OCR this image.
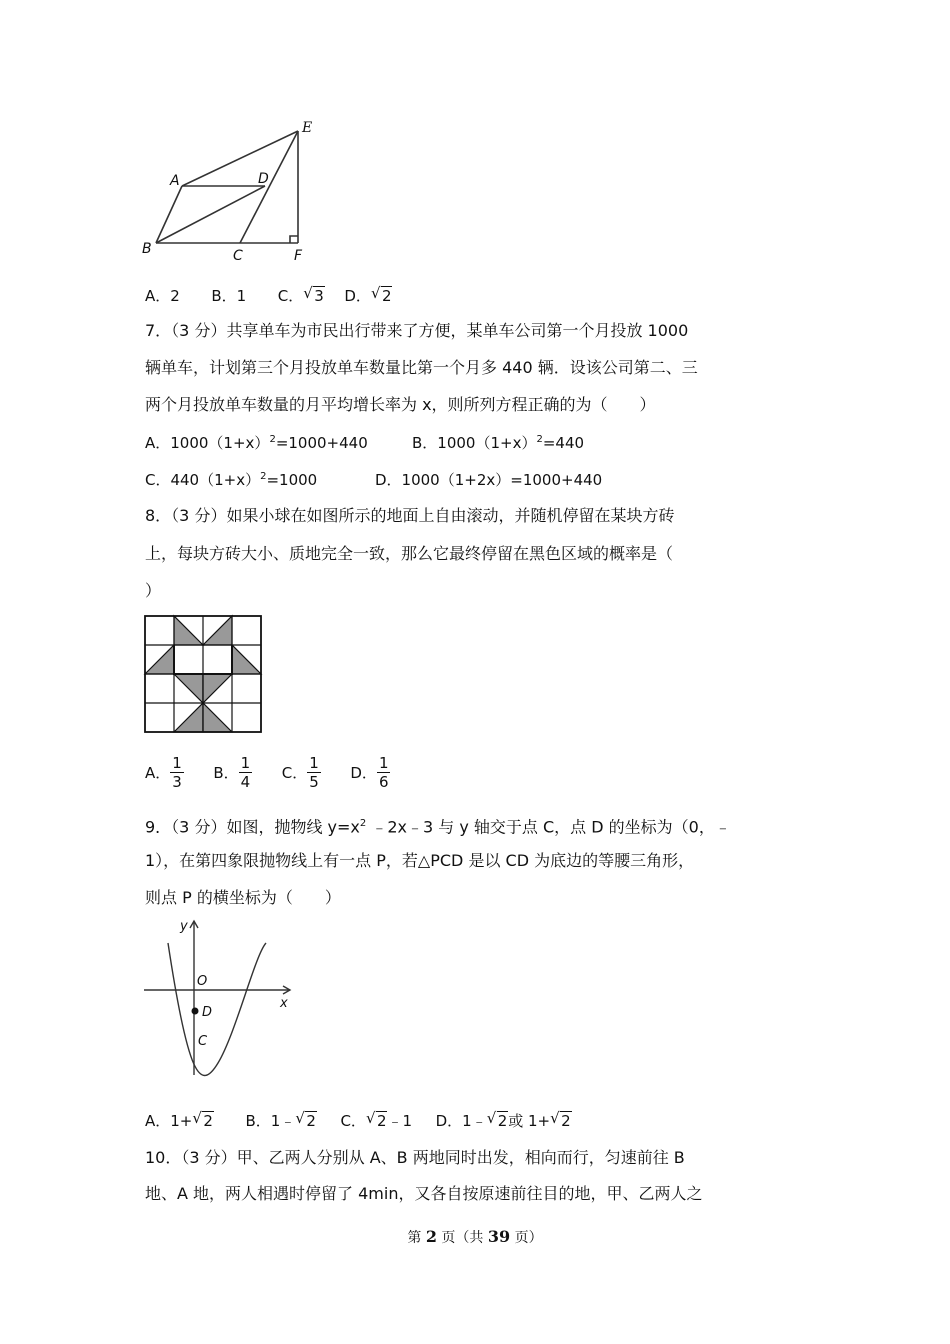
E
A	D
B	C	F
A．2 B．1 C． √ 3 D． √ 2
7．（3 分）共享单车为市民出行带来了方便，某单车公司第一个月投放 1000
辆单车，计划第三个月投放单车数量比第一个月多 440 辆．设该公司第二、三
两个月投放单车数量的月平均增长率为 x，则所列方程正确的为（　　）
A．$1000(1+x)^2=1000+440$	B．$1000(1+x)^2=440$
C．$440(1+x)^2=1000$	D．1000（1+2x）=1000+440
8．（3 分）如果小球在如图所示的地面上自由滚动，并随机停留在某块方砖
上，每块方砖大小、质地完全一致，那么它最终停留在黑色区域的概率是（
）
A． $\frac{1}{3}$ B． $\frac{1}{4}$ C． $\frac{1}{5}$ D． $\frac{1}{6}$
9．（3 分）如图，抛物线 $y=x^2$ ﹣2x﹣3 与 y 轴交于点 C，点 D 的坐标为（0，﹣
1），在第四象限抛物线上有一点 P，若△PCD 是以 CD 为底边的等腰三角形，
则点 P 的横坐标为（　　）
y
x
O
D
C
A．1+ √ 2 B．1﹣ √ 2 C． √ 2﹣1 D．1﹣ √ 2或 1+ √ 2
10．（3 分）甲、乙两人分别从 A、B 两地同时出发，相向而行，匀速前往 B
地、A 地，两人相遇时停留了 4min，又各自按原速前往目的地，甲、乙两人之
第 2 页（共 39 页）
